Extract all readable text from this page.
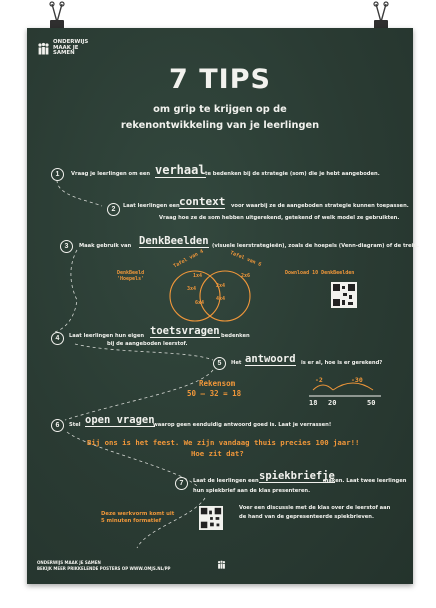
ONDERWIJS
MAAK JE
SAMEN
7 TIPS
om grip te krijgen op de
rekenontwikkeling van je leerlingen
1	Vraag je leerlingen om een verhaal te bedenken bij de strategie (som) die je hebt aangeboden.
2	Laat leerlingen een context voor waarbij ze de aangeboden strategie kunnen toepassen.
Vraag hoe ze de som hebben uitgerekend, getekend of welk model ze gebruikten.
3	Maak gebruik van DenkBeelden (visuele leerstrategieën), zoals de hoepels (Venn-diagram) of de trein.
DenkBeeld 'Hoepels'
Tafel van 4	Tafel van 6
1x4	2x6
3x4	2x4
4x4
6x4
Download 10 DenkBeelden
4	Laat leerlingen hun eigen toetsvragen bedenken
bij de aangeboden leerstof.
5	Het antwoord is er al, hoe is er gerekend?
Rekensom
50 – 32 = 18
-2	-30
18 20	50
6	Stel open vragen
waarop geen eenduidig antwoord goed is. Laat je verrassen!
Bij ons is het feest. We zijn vandaag thuis precies 100 jaar!!
Hoe zit dat?
7	Laat de leerlingen een spiekbriefje
maken. Laat twee leerlingen
hun spiekbrief aan de klas presenteren.
Deze werkvorm komt uit
5 minuten formatief
Voer een discussie met de klas over de leerstof aan
de hand van de gepresenteerde spiekbrieven.
ONDERWIJS MAAK JE SAMEN
BEKIJK MEER PRIKKELENDE POSTERS OP WWW.OMJS.NL/PP
